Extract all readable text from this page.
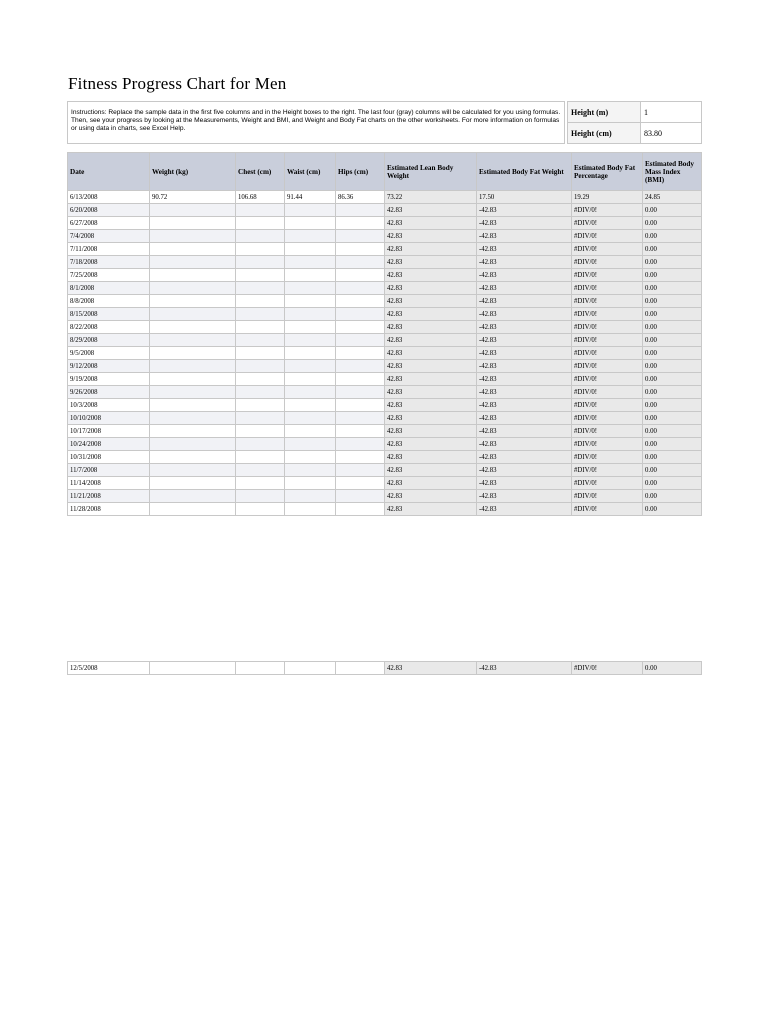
Fitness Progress Chart for Men
Instructions: Replace the sample data in the first five columns and in the Height boxes to the right. The last four (gray) columns will be calculated for you using formulas. Then, see your progress by looking at the Measurements, Weight and BMI, and Weight and Body Fat charts on the other worksheets. For more information on formulas or using data in charts, see Excel Help.
Height (m)	1
Height (cm)	83.80
Date	Weight (kg)	Chest (cm)	Waist (cm)	Hips (cm)	Estimated Lean Body Weight	Estimated Body Fat Weight	Estimated Body Fat Percentage	Estimated Body Mass Index (BMI)
6/13/2008	90.72	106.68	91.44	86.36	73.22	17.50	19.29	24.85
6/20/2008					42.83	-42.83	#DIV/0!	0.00
6/27/2008					42.83	-42.83	#DIV/0!	0.00
7/4/2008					42.83	-42.83	#DIV/0!	0.00
7/11/2008					42.83	-42.83	#DIV/0!	0.00
7/18/2008					42.83	-42.83	#DIV/0!	0.00
7/25/2008					42.83	-42.83	#DIV/0!	0.00
8/1/2008					42.83	-42.83	#DIV/0!	0.00
8/8/2008					42.83	-42.83	#DIV/0!	0.00
8/15/2008					42.83	-42.83	#DIV/0!	0.00
8/22/2008					42.83	-42.83	#DIV/0!	0.00
8/29/2008					42.83	-42.83	#DIV/0!	0.00
9/5/2008					42.83	-42.83	#DIV/0!	0.00
9/12/2008					42.83	-42.83	#DIV/0!	0.00
9/19/2008					42.83	-42.83	#DIV/0!	0.00
9/26/2008					42.83	-42.83	#DIV/0!	0.00
10/3/2008					42.83	-42.83	#DIV/0!	0.00
10/10/2008					42.83	-42.83	#DIV/0!	0.00
10/17/2008					42.83	-42.83	#DIV/0!	0.00
10/24/2008					42.83	-42.83	#DIV/0!	0.00
10/31/2008					42.83	-42.83	#DIV/0!	0.00
11/7/2008					42.83	-42.83	#DIV/0!	0.00
11/14/2008					42.83	-42.83	#DIV/0!	0.00
11/21/2008					42.83	-42.83	#DIV/0!	0.00
11/28/2008					42.83	-42.83	#DIV/0!	0.00
12/5/2008					42.83	-42.83	#DIV/0!	0.00
